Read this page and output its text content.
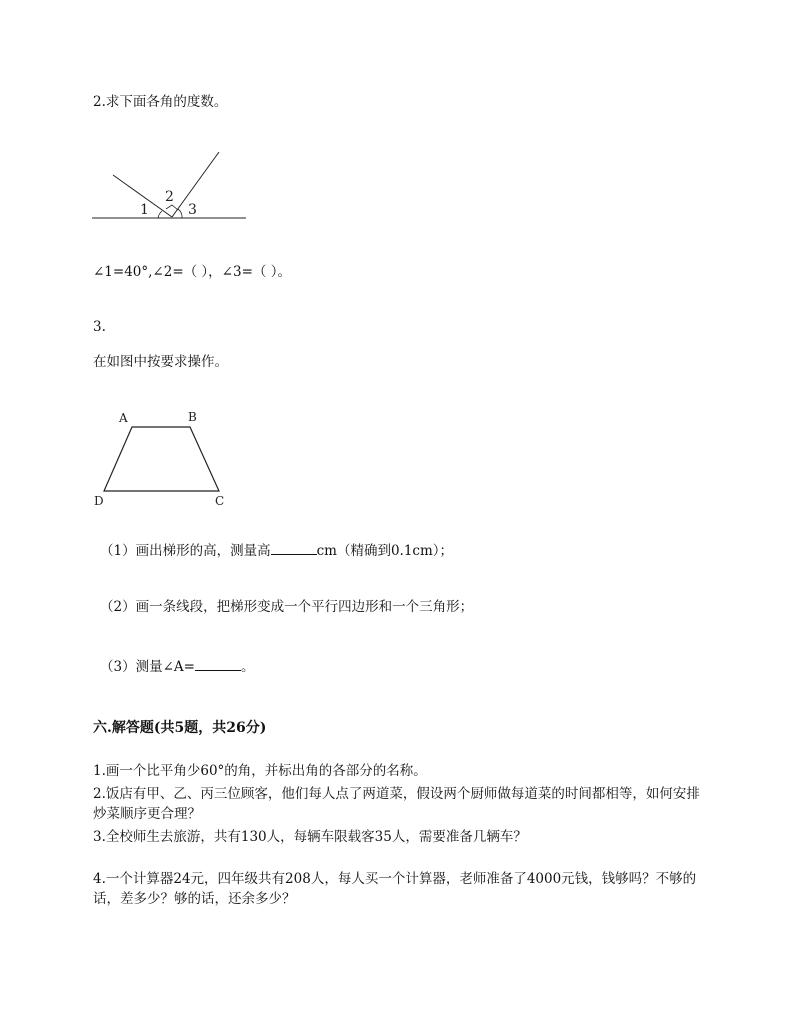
2.求下面各角的度数。

1
2
3

∠1=40°,∠2=（ ），∠3=（ ）。

3.

在如图中按要求操作。

A	B
C
D

（1）画出梯形的高，测量高	cm（精确到0.1cm）；

（2）画一条线段，把梯形变成一个平行四边形和一个三角形；

（3）测量∠A=	。

六.解答题(共5题，共26分)

1.画一个比平角少60°的角，并标出角的各部分的名称。

2.饭店有甲、乙、丙三位顾客，他们每人点了两道菜，假设两个厨师做每道菜的时间都相等，如何安排炒菜顺序更合理？

3.全校师生去旅游，共有130人，每辆车限载客35人，需要准备几辆车？

4.一个计算器24元，四年级共有208人，每人买一个计算器，老师准备了4000元钱，钱够吗？不够的话，差多少？够的话，还余多少？
